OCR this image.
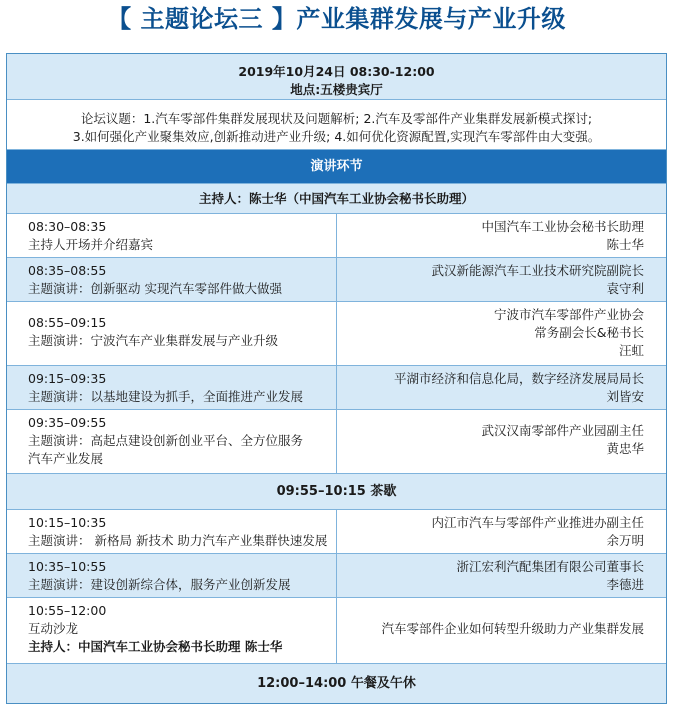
【 主题论坛三 】产业集群发展与产业升级
2019年10月24日 08:30-12:00
地点:五楼贵宾厅
论坛议题：1.汽车零部件集群发展现状及问题解析; 2.汽车及零部件产业集群发展新模式探讨;
3.如何强化产业聚集效应,创新推动进产业升级; 4.如何优化资源配置,实现汽车零部件由大变强。
演讲环节
主持人：陈士华（中国汽车工业协会秘书长助理）
08:30–08:35
主持人开场并介绍嘉宾
中国汽车工业协会秘书长助理
陈士华
08:35–08:55
主题演讲：创新驱动 实现汽车零部件做大做强
武汉新能源汽车工业技术研究院副院长
袁守利
08:55–09:15
主题演讲：宁波汽车产业集群发展与产业升级
宁波市汽车零部件产业协会
常务副会长&秘书长
汪虹
09:15–09:35
主题演讲：以基地建设为抓手，全面推进产业发展
平湖市经济和信息化局，数字经济发展局局长
刘皆安
09:35–09:55
主题演讲：高起点建设创新创业平台、全方位服务
汽车产业发展
武汉汉南零部件产业园副主任
黄忠华
09:55–10:15 茶歇
10:15–10:35
主题演讲： 新格局 新技术 助力汽车产业集群快速发展
内江市汽车与零部件产业推进办副主任
余万明
10:35–10:55
主题演讲：建设创新综合体，服务产业创新发展
浙江宏利汽配集团有限公司董事长
李德进
10:55–12:00
互动沙龙
主持人：中国汽车工业协会秘书长助理 陈士华
汽车零部件企业如何转型升级助力产业集群发展
12:00–14:00 午餐及午休
